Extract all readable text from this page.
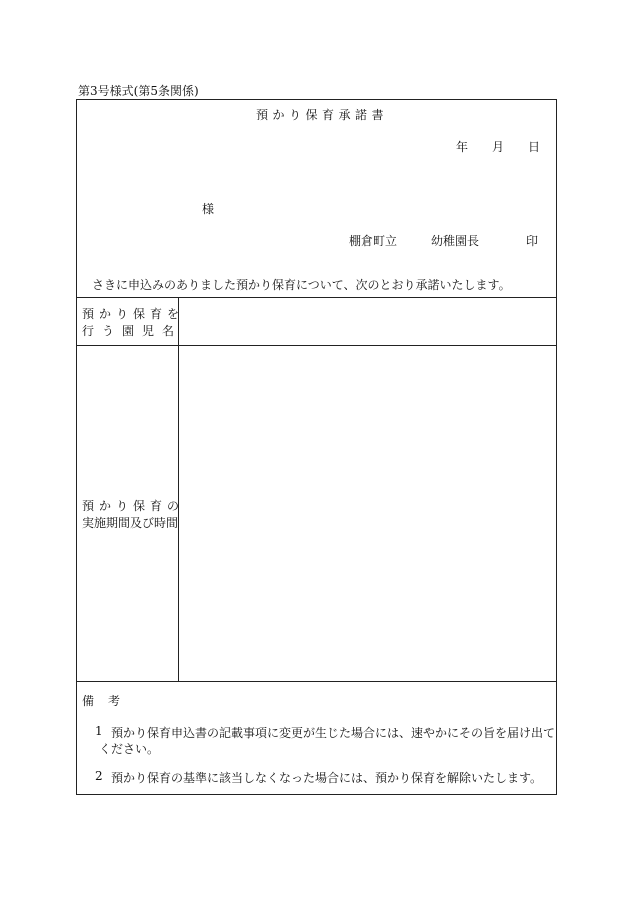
第3号様式(第5条関係)
預かり保育承諾書
年 月 日
様
棚倉町立	幼稚園長	印
さきに申込みのありました預かり保育について、次のとおり承諾いたします。
預かり保育を
行う園児名
預かり保育の
実施期間及び時間
備考
1 預かり保育申込書の記載事項に変更が生じた場合には、速やかにその旨を届け出て
ください。
2 預かり保育の基準に該当しなくなった場合には、預かり保育を解除いたします。
